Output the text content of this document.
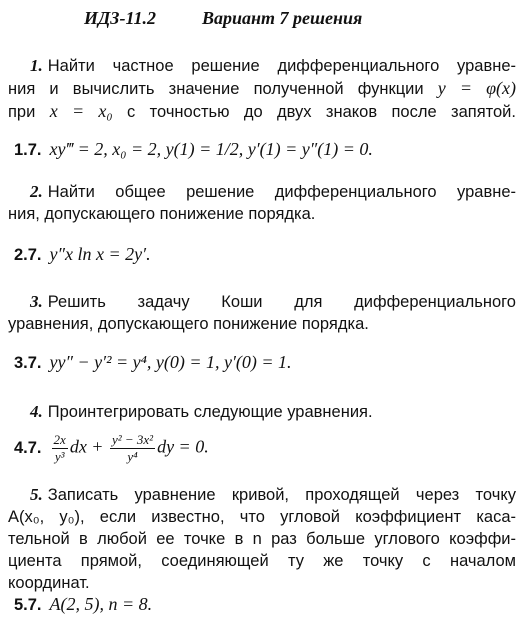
ИДЗ-11.2	Вариант 7 решения
1. Найти частное решение дифференциального уравне-
ния и вычислить значение полученной функции y = φ(x)
при x = x₀ с точностью до двух знаков после запятой.
1.7. xy‴ = 2, x₀ = 2, y(1) = 1/2, y′(1) = y″(1) = 0.
2. Найти общее решение дифференциального уравне-
ния, допускающего понижение порядка.
2.7. y″x ln x = 2y′.
3. Решить задачу Коши для дифференциального
уравнения, допускающего понижение порядка.
3.7. yy″ − y′² = y⁴, y(0) = 1, y′(0) = 1.
4. Проинтегрировать следующие уравнения.
4.7. $\frac{2x}{\text{y³}}$ dx + $\frac{\text{y² − 3x²}}{\text{y⁴}}$ dy = 0.
5. Записать уравнение кривой, проходящей через точку
A(x₀, y₀), если известно, что угловой коэффициент каса-
тельной в любой ее точке в n раз больше углового коэффи-
циента прямой, соединяющей ту же точку с началом
координат.
5.7. A(2, 5), n = 8.
